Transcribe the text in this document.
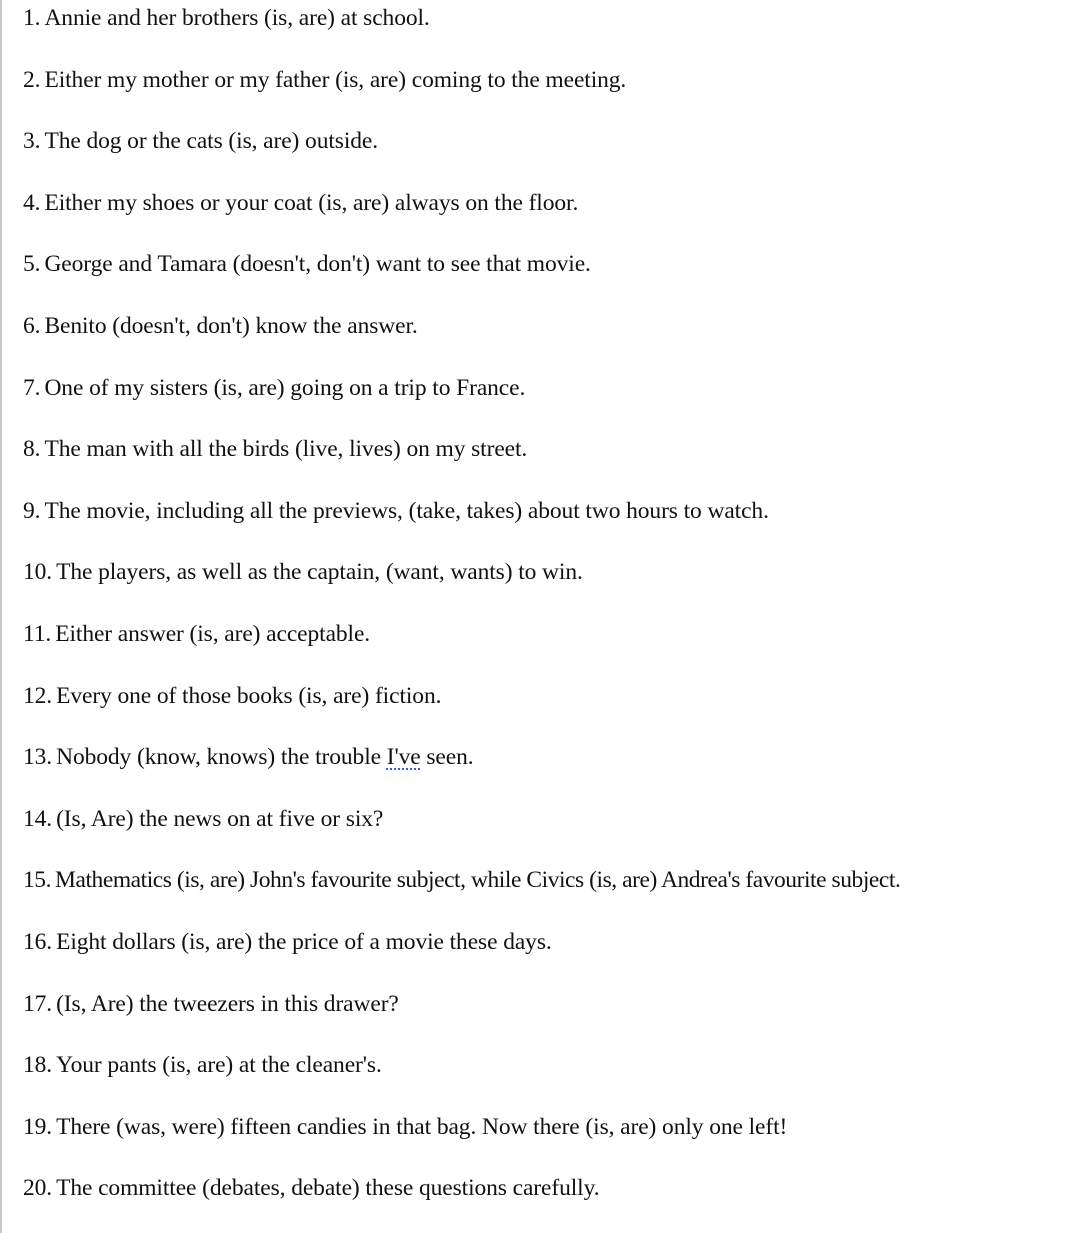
1. Annie and her brothers (is, are) at school.
2. Either my mother or my father (is, are) coming to the meeting.
3. The dog or the cats (is, are) outside.
4. Either my shoes or your coat (is, are) always on the floor.
5. George and Tamara (doesn't, don't) want to see that movie.
6. Benito (doesn't, don't) know the answer.
7. One of my sisters (is, are) going on a trip to France.
8. The man with all the birds (live, lives) on my street.
9. The movie, including all the previews, (take, takes) about two hours to watch.
10. The players, as well as the captain, (want, wants) to win.
11. Either answer (is, are) acceptable.
12. Every one of those books (is, are) fiction.
13. Nobody (know, knows) the trouble I've seen.
14. (Is, Are) the news on at five or six?
15. Mathematics (is, are) John's favourite subject, while Civics (is, are) Andrea's favourite subject.
16. Eight dollars (is, are) the price of a movie these days.
17. (Is, Are) the tweezers in this drawer?
18. Your pants (is, are) at the cleaner's.
19. There (was, were) fifteen candies in that bag. Now there (is, are) only one left!
20. The committee (debates, debate) these questions carefully.
